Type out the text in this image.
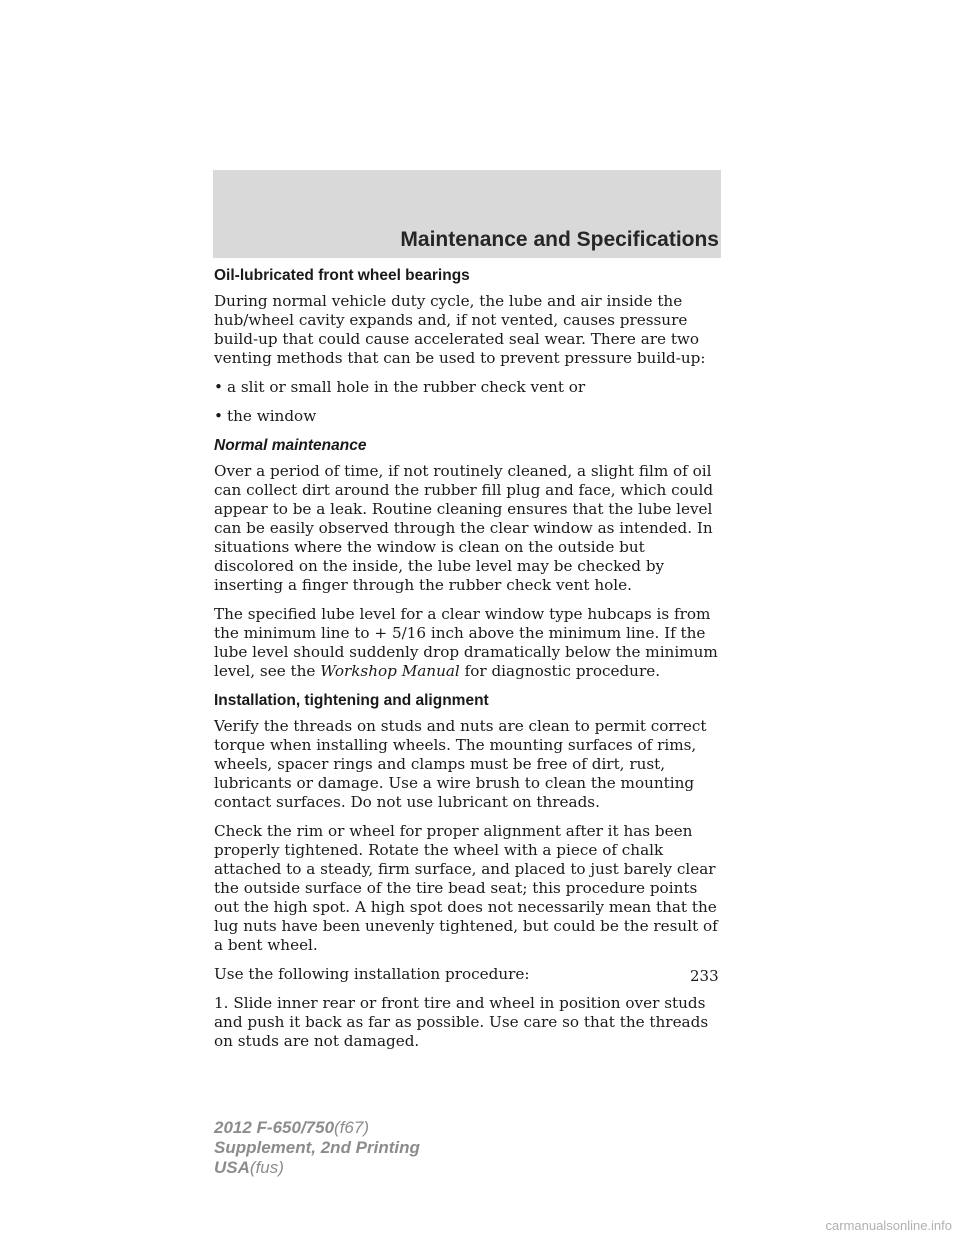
Maintenance and Specifications
Oil-lubricated front wheel bearings

During normal vehicle duty cycle, the lube and air inside the hub/wheel cavity expands and, if not vented, causes pressure build-up that could cause accelerated seal wear. There are two venting methods that can be used to prevent pressure build-up:

• a slit or small hole in the rubber check vent or
• the window
Normal maintenance

Over a period of time, if not routinely cleaned, a slight film of oil can collect dirt around the rubber fill plug and face, which could appear to be a leak. Routine cleaning ensures that the lube level can be easily observed through the clear window as intended. In situations where the window is clean on the outside but discolored on the inside, the lube level may be checked by inserting a finger through the rubber check vent hole.

The specified lube level for a clear window type hubcaps is from the minimum line to + 5/16 inch above the minimum line. If the lube level should suddenly drop dramatically below the minimum level, see the Workshop Manual for diagnostic procedure.

Installation, tightening and alignment

Verify the threads on studs and nuts are clean to permit correct torque when installing wheels. The mounting surfaces of rims, wheels, spacer rings and clamps must be free of dirt, rust, lubricants or damage. Use a wire brush to clean the mounting contact surfaces. Do not use lubricant on threads.

Check the rim or wheel for proper alignment after it has been properly tightened. Rotate the wheel with a piece of chalk attached to a steady, firm surface, and placed to just barely clear the outside surface of the tire bead seat; this procedure points out the high spot. A high spot does not necessarily mean that the lug nuts have been unevenly tightened, but could be the result of a bent wheel.

Use the following installation procedure:

1. Slide inner rear or front tire and wheel in position over studs and push it back as far as possible. Use care so that the threads on studs are not damaged.

233
2012 F-650/750(f67)
Supplement, 2nd Printing
USA(fus)
carmanualsonline.info
